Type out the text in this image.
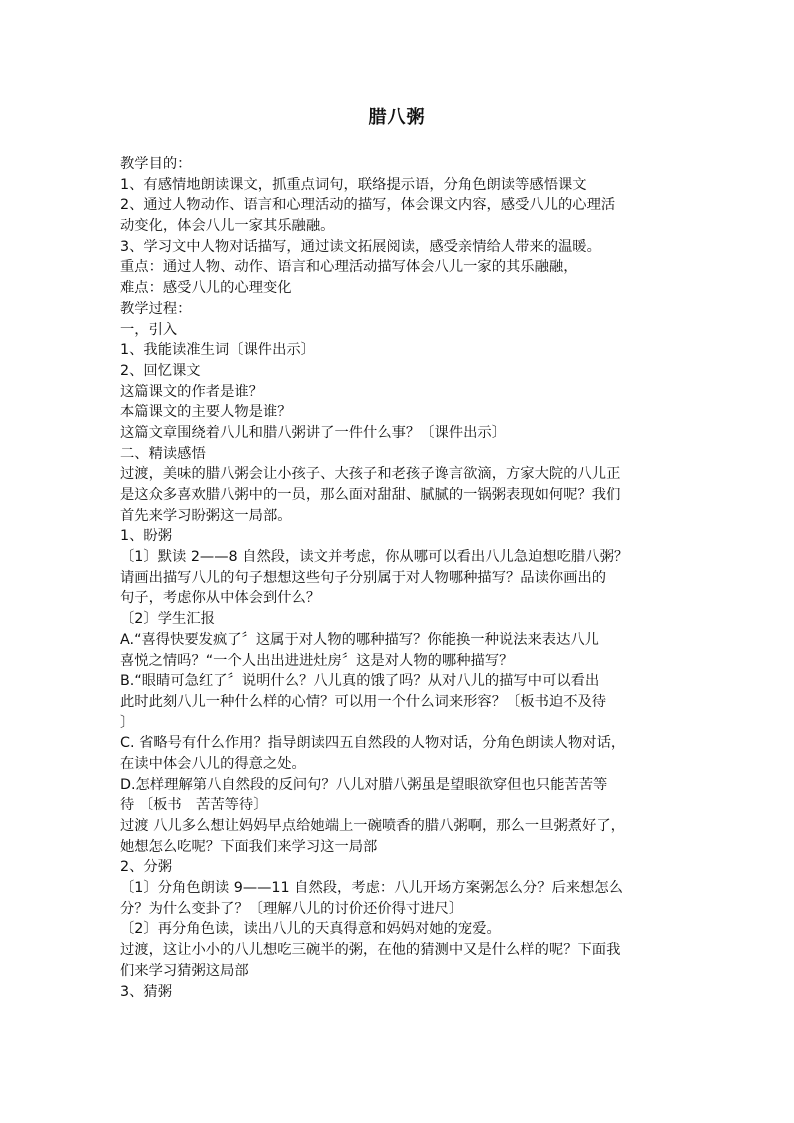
腊八粥
教学目的：
1、有感情地朗读课文，抓重点词句，联络提示语，分角色朗读等感悟课文
2、通过人物动作、语言和心理活动的描写，体会课文内容，感受八儿的心理活
动变化，体会八儿一家其乐融融。
3、学习文中人物对话描写，通过读文拓展阅读，感受亲情给人带来的温暖。
重点：通过人物、动作、语言和心理活动描写体会八儿一家的其乐融融，
难点：感受八儿的心理变化
教学过程：
一，引入
1、我能读准生词〔课件出示〕
2、回忆课文
这篇课文的作者是谁？
本篇课文的主要人物是谁？
这篇文章围绕着八儿和腊八粥讲了一件什么事？〔课件出示〕
二、精读感悟
过渡，美味的腊八粥会让小孩子、大孩子和老孩子谗言欲滴，方家大院的八儿正
是这众多喜欢腊八粥中的一员，那么面对甜甜、腻腻的一锅粥表现如何呢？我们
首先来学习盼粥这一局部。
1、盼粥
〔1〕默读 2——8 自然段，读文并考虑，你从哪可以看出八儿急迫想吃腊八粥？
请画出描写八儿的句子想想这些句子分别属于对人物哪种描写？品读你画出的
句子，考虑你从中体会到什么？
〔2〕学生汇报
A.“喜得快要发疯了〞这属于对人物的哪种描写？你能换一种说法来表达八儿
喜悦之情吗？“一个人出出进进灶房〞这是对人物的哪种描写？
B.“眼睛可急红了〞说明什么？八儿真的饿了吗？从对八儿的描写中可以看出
此时此刻八儿一种什么样的心情？可以用一个什么词来形容？〔板书迫不及待
〕
C. 省略号有什么作用？指导朗读四五自然段的人物对话，分角色朗读人物对话，
在读中体会八儿的得意之处。
D.怎样理解第八自然段的反问句？八儿对腊八粥虽是望眼欲穿但也只能苦苦等
待 〔板书　苦苦等待〕
过渡 八儿多么想让妈妈早点给她端上一碗喷香的腊八粥啊，那么一旦粥煮好了，
她想怎么吃呢？下面我们来学习这一局部
2、分粥
〔1〕分角色朗读 9——11 自然段，考虑：八儿开场方案粥怎么分？后来想怎么
分？为什么变卦了？〔理解八儿的讨价还价得寸进尺〕
〔2〕再分角色读，读出八儿的天真得意和妈妈对她的宠爱。
过渡，这让小小的八儿想吃三碗半的粥，在他的猜测中又是什么样的呢？下面我
们来学习猜粥这局部
3、猜粥
